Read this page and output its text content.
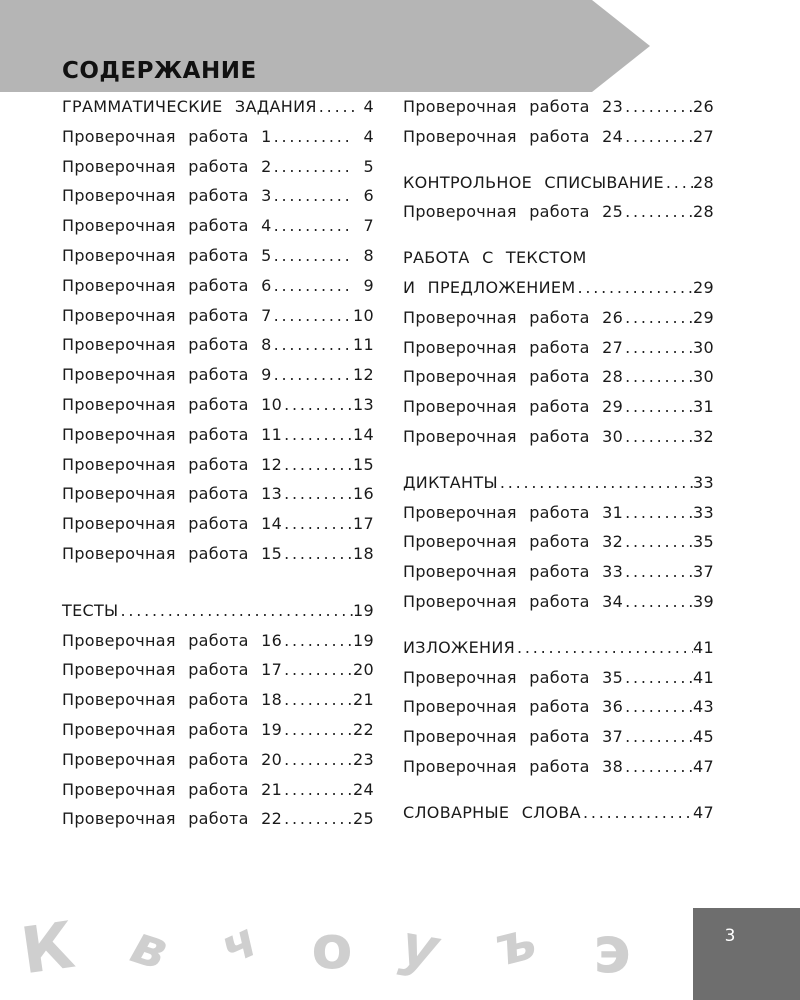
СОДЕРЖАНИЕ
ГРАММАТИЧЕСКИЕ ЗАДАНИЯ .....	4
Проверочная работа 1 .....	4
Проверочная работа 2 .....	5
Проверочная работа 3 .....	6
Проверочная работа 4 .....	7
Проверочная работа 5 .....	8
Проверочная работа 6 .....	9
Проверочная работа 7 .....	10
Проверочная работа 8 .....	11
Проверочная работа 9 .....	12
Проверочная работа 10 .....	13
Проверочная работа 11 .....	14
Проверочная работа 12 .....	15
Проверочная работа 13 .....	16
Проверочная работа 14 .....	17
Проверочная работа 15 .....	18
ТЕСТЫ .....	19
Проверочная работа 16 .....	19
Проверочная работа 17 .....	20
Проверочная работа 18 .....	21
Проверочная работа 19 .....	22
Проверочная работа 20 .....	23
Проверочная работа 21 .....	24
Проверочная работа 22 .....	25
Проверочная работа 23 .....	26
Проверочная работа 24 .....	27
КОНТРОЛЬНОЕ СПИСЫВАНИЕ ..... 28
Проверочная работа 25 .....	28
РАБОТА С ТЕКСТОМ
И ПРЕДЛОЖЕНИЕМ .....	29
Проверочная работа 26 .....	29
Проверочная работа 27 .....	30
Проверочная работа 28 .....	30
Проверочная работа 29 .....	31
Проверочная работа 30 .....	32
ДИКТАНТЫ .....	33
Проверочная работа 31 .....	33
Проверочная работа 32 .....	35
Проверочная работа 33 .....	37
Проверочная работа 34 .....	39
ИЗЛОЖЕНИЯ .....	41
Проверочная работа 35 .....	41
Проверочная работа 36 .....	43
Проверочная работа 37 .....	45
Проверочная работа 38 .....	47
СЛОВАРНЫЕ СЛОВА .....	47
К в ч о у ъ э	3
